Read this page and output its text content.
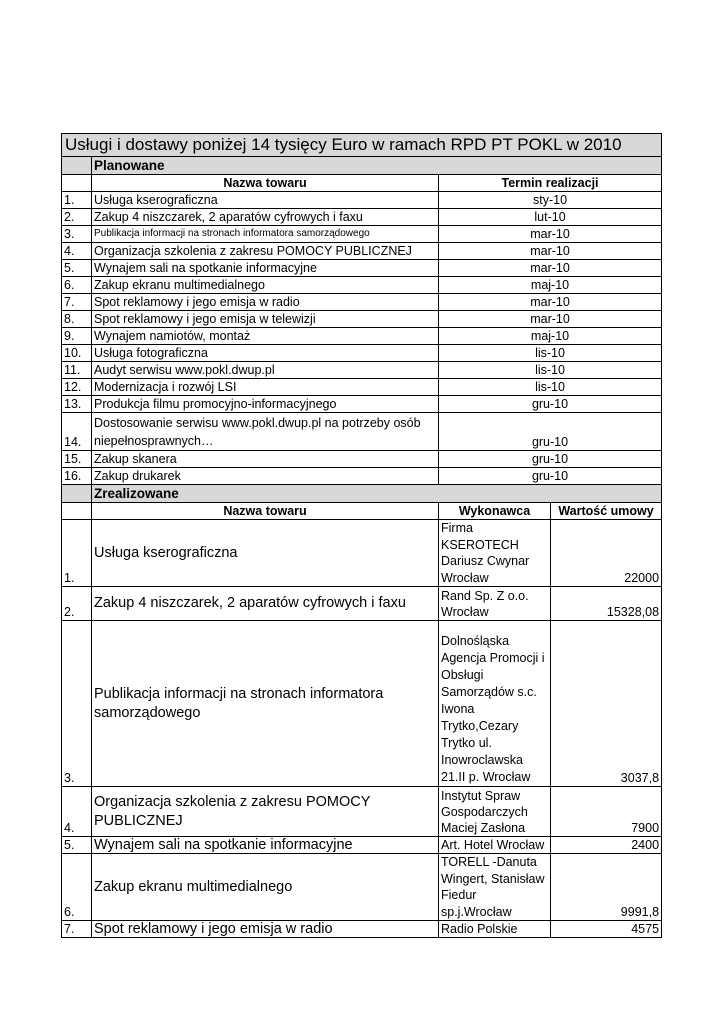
Usługi i dostawy poniżej 14 tysięcy Euro w ramach RPD PT POKL w 2010			
	Planowane		
	Nazwa towaru	Termin realizacji	
1.	Usługa kserograficzna	sty-10	
2.	Zakup 4 niszczarek, 2 aparatów cyfrowych i faxu	lut-10	
3.	Publikacja informacji na stronach informatora samorządowego	mar-10	
4.	Organizacja szkolenia z zakresu POMOCY PUBLICZNEJ	mar-10	
5.	Wynajem sali na spotkanie informacyjne	mar-10	
6.	Zakup ekranu multimedialnego	maj-10	
7.	Spot reklamowy i jego emisja w radio	mar-10	
8.	Spot reklamowy i jego emisja w telewizji	mar-10	
9.	Wynajem namiotów, montaż	maj-10	
10.	Usługa fotograficzna	lis-10	
11.	Audyt serwisu www.pokl.dwup.pl	lis-10	
12.	Modernizacja i rozwój LSI	lis-10	
13.	Produkcja filmu promocyjno-informacyjnego	gru-10	
14.	Dostosowanie serwisu www.pokl.dwup.pl na potrzeby osób niepełnosprawnych…	gru-10	
15.	Zakup skanera	gru-10	
16.	Zakup drukarek	gru-10	
	Zrealizowane		
	Nazwa towaru	Wykonawca	Wartość umowy
1.	Usługa kserograficzna	Firma KSEROTECH Dariusz Cwynar Wrocław	22000
2.	Zakup 4 niszczarek, 2 aparatów cyfrowych i faxu	Rand Sp. Z o.o. Wrocław	15328,08
3.	Publikacja informacji na stronach informatora samorządowego	Dolnośląska Agencja Promocji i Obsługi Samorządów s.c. Iwona Trytko,Cezary Trytko ul. Inowroclawska 21.II p. Wrocław	3037,8
4.	Organizacja szkolenia z zakresu POMOCY PUBLICZNEJ	Instytut Spraw Gospodarczych Maciej Zasłona	7900
5.	Wynajem sali na spotkanie informacyjne	Art. Hotel Wrocław	2400
6.	Zakup ekranu multimedialnego	TORELL -Danuta Wingert, Stanisław Fiedur sp.j.Wrocław	9991,8
7.	Spot reklamowy i jego emisja w radio	Radio Polskie	4575
